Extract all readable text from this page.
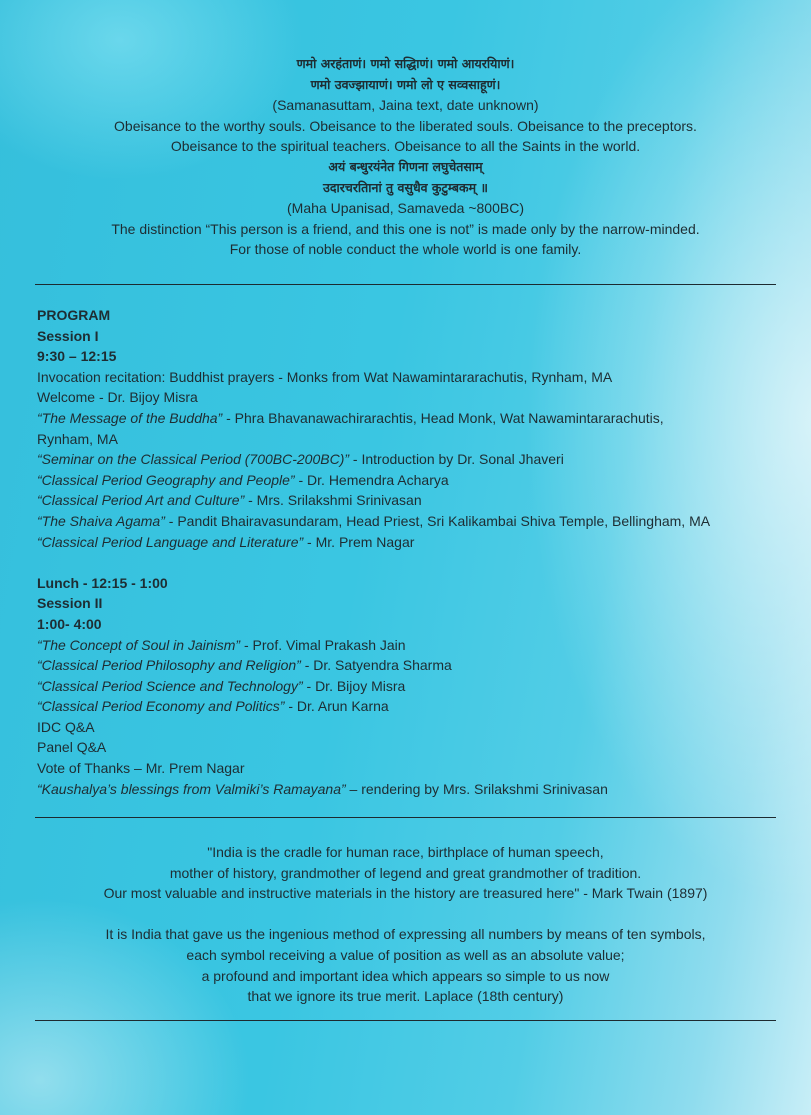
णमो अरहंताणं। णमो सद्धिाणं। णमो आयरयिाणं।
णमो उवज्झायाणं। णमो लो ए सव्वसाहूणं।
(Samanasuttam, Jaina text, date unknown)
Obeisance to the worthy souls. Obeisance to the liberated souls. Obeisance to the preceptors.
Obeisance to the spiritual teachers. Obeisance to all the Saints in the world.
अयं बन्धुरयंनेत गिणना लघुचेतसाम्
उदारचरतिानां तु वसुधैव कुटुम्बकम् ॥
(Maha Upanisad, Samaveda ~800BC)
The distinction “This person is a friend, and this one is not” is made only by the narrow-minded.
For those of noble conduct the whole world is one family.
PROGRAM
Session I
9:30 – 12:15
Invocation recitation: Buddhist prayers - Monks from Wat Nawamintararachutis, Rynham, MA
Welcome - Dr. Bijoy Misra
“The Message of the Buddha” - Phra Bhavanawachirarachtis, Head Monk, Wat Nawamintararachutis,
Rynham, MA
“Seminar on the Classical Period (700BC-200BC)” - Introduction by Dr. Sonal Jhaveri
“Classical Period Geography and People” - Dr. Hemendra Acharya
“Classical Period Art and Culture” - Mrs. Srilakshmi Srinivasan
“The Shaiva Agama” - Pandit Bhairavasundaram, Head Priest, Sri Kalikambai Shiva Temple, Bellingham, MA
“Classical Period Language and Literature” - Mr. Prem Nagar
Lunch - 12:15 - 1:00
Session II
1:00- 4:00
“The Concept of Soul in Jainism” - Prof. Vimal Prakash Jain
“Classical Period Philosophy and Religion” - Dr. Satyendra Sharma
“Classical Period Science and Technology” - Dr. Bijoy Misra
“Classical Period Economy and Politics” - Dr. Arun Karna
IDC Q&A
Panel Q&A
Vote of Thanks – Mr. Prem Nagar
“Kaushalya’s blessings from Valmiki’s Ramayana” – rendering by Mrs. Srilakshmi Srinivasan
"India is the cradle for human race, birthplace of human speech,
mother of history, grandmother of legend and great grandmother of tradition.
Our most valuable and instructive materials in the history are treasured here" - Mark Twain (1897)
It is India that gave us the ingenious method of expressing all numbers by means of ten symbols,
each symbol receiving a value of position as well as an absolute value;
a profound and important idea which appears so simple to us now
that we ignore its true merit. Laplace (18th century)
